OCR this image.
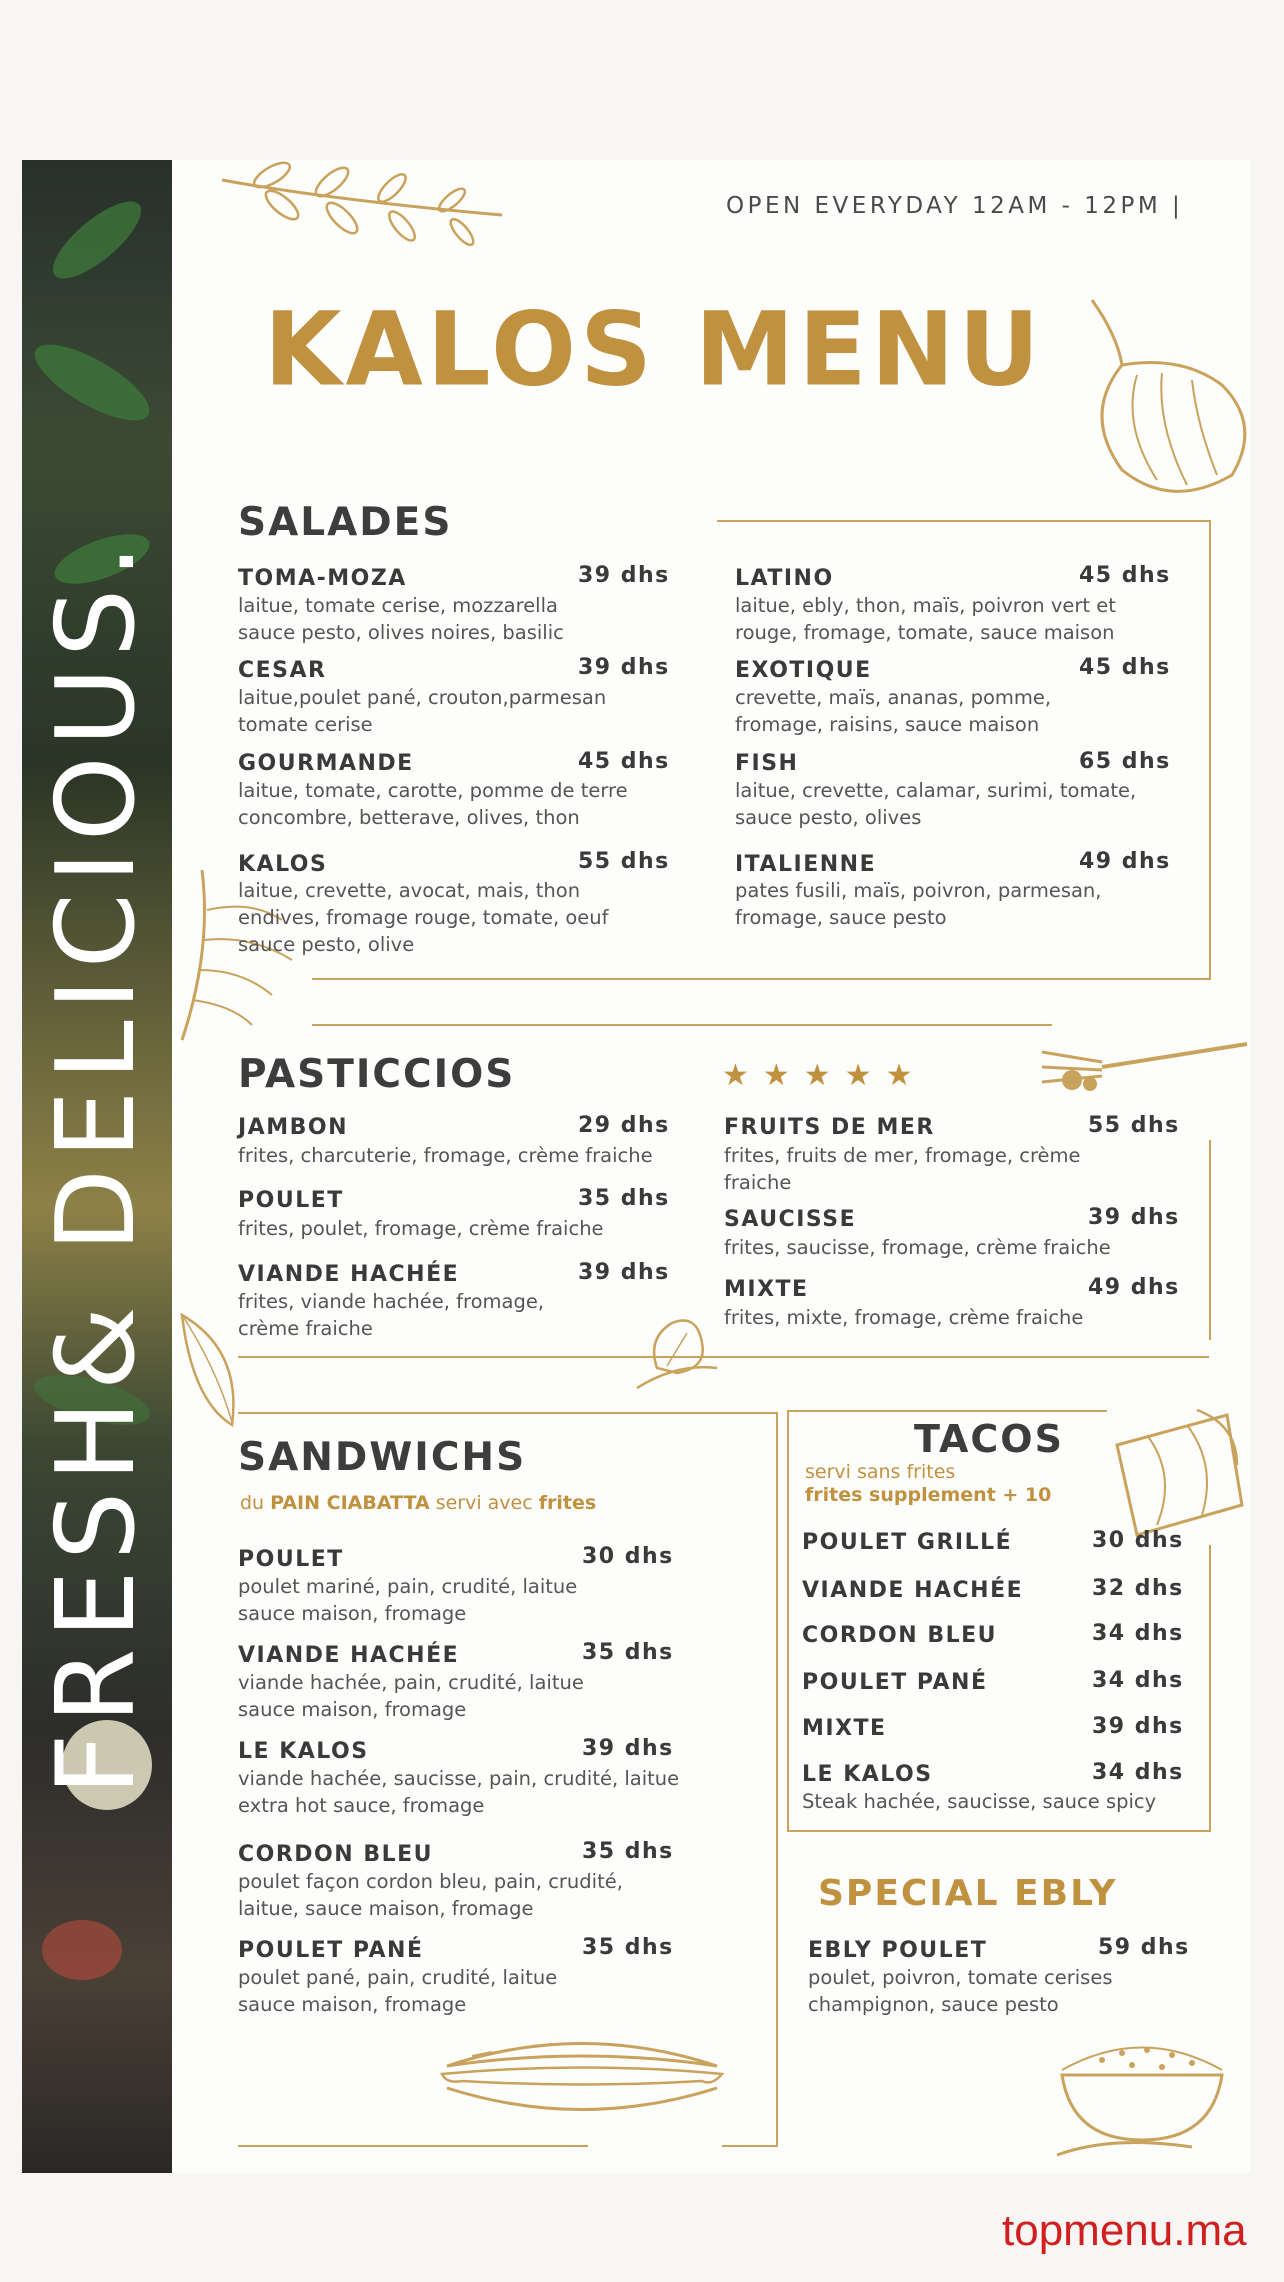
FRESH& DELICIOUS.
OPEN EVERYDAY 12AM - 12PM |
KALOS MENU
SALADES
TOMA-MOZA	39 dhs
laitue, tomate cerise, mozzarella
sauce pesto, olives noires, basilic
CESAR	39 dhs
laitue,poulet pané, crouton,parmesan
tomate cerise
GOURMANDE	45 dhs
laitue, tomate, carotte, pomme de terre
concombre, betterave, olives, thon
KALOS	55 dhs
laitue, crevette, avocat, mais, thon
endives, fromage rouge, tomate, oeuf
sauce pesto, olive
LATINO	45 dhs
laitue, ebly, thon, maïs, poivron vert et
rouge, fromage, tomate, sauce maison
EXOTIQUE	45 dhs
crevette, maïs, ananas, pomme,
fromage, raisins, sauce maison
FISH	65 dhs
laitue, crevette, calamar, surimi, tomate,
sauce pesto, olives
ITALIENNE	49 dhs
pates fusili, maïs, poivron, parmesan,
fromage, sauce pesto
PASTICCIOS	★★★★★
JAMBON	29 dhs
frites, charcuterie, fromage, crème fraiche
POULET	35 dhs
frites, poulet, fromage, crème fraiche
VIANDE HACHÉE	39 dhs
frites, viande hachée, fromage,
crème fraiche
FRUITS DE MER	55 dhs
frites, fruits de mer, fromage, crème
fraiche
SAUCISSE	39 dhs
frites, saucisse, fromage, crème fraiche
MIXTE	49 dhs
frites, mixte, fromage, crème fraiche
SANDWICHS
du PAIN CIABATTA servi avec frites
POULET	30 dhs
poulet mariné, pain, crudité, laitue
sauce maison, fromage
VIANDE HACHÉE	35 dhs
viande hachée, pain, crudité, laitue
sauce maison, fromage
LE KALOS	39 dhs
viande hachée, saucisse, pain, crudité, laitue
extra hot sauce, fromage
CORDON BLEU	35 dhs
poulet façon cordon bleu, pain, crudité,
laitue, sauce maison, fromage
POULET PANÉ	35 dhs
poulet pané, pain, crudité, laitue
sauce maison, fromage
TACOS
servi sans frites
frites supplement + 10
POULET GRILLÉ	30 dhs
VIANDE HACHÉE	32 dhs
CORDON BLEU	34 dhs
POULET PANÉ	34 dhs
MIXTE	39 dhs
LE KALOS	34 dhs
Steak hachée, saucisse, sauce spicy
SPECIAL EBLY
EBLY POULET	59 dhs
poulet, poivron, tomate cerises
champignon, sauce pesto
topmenu.ma
